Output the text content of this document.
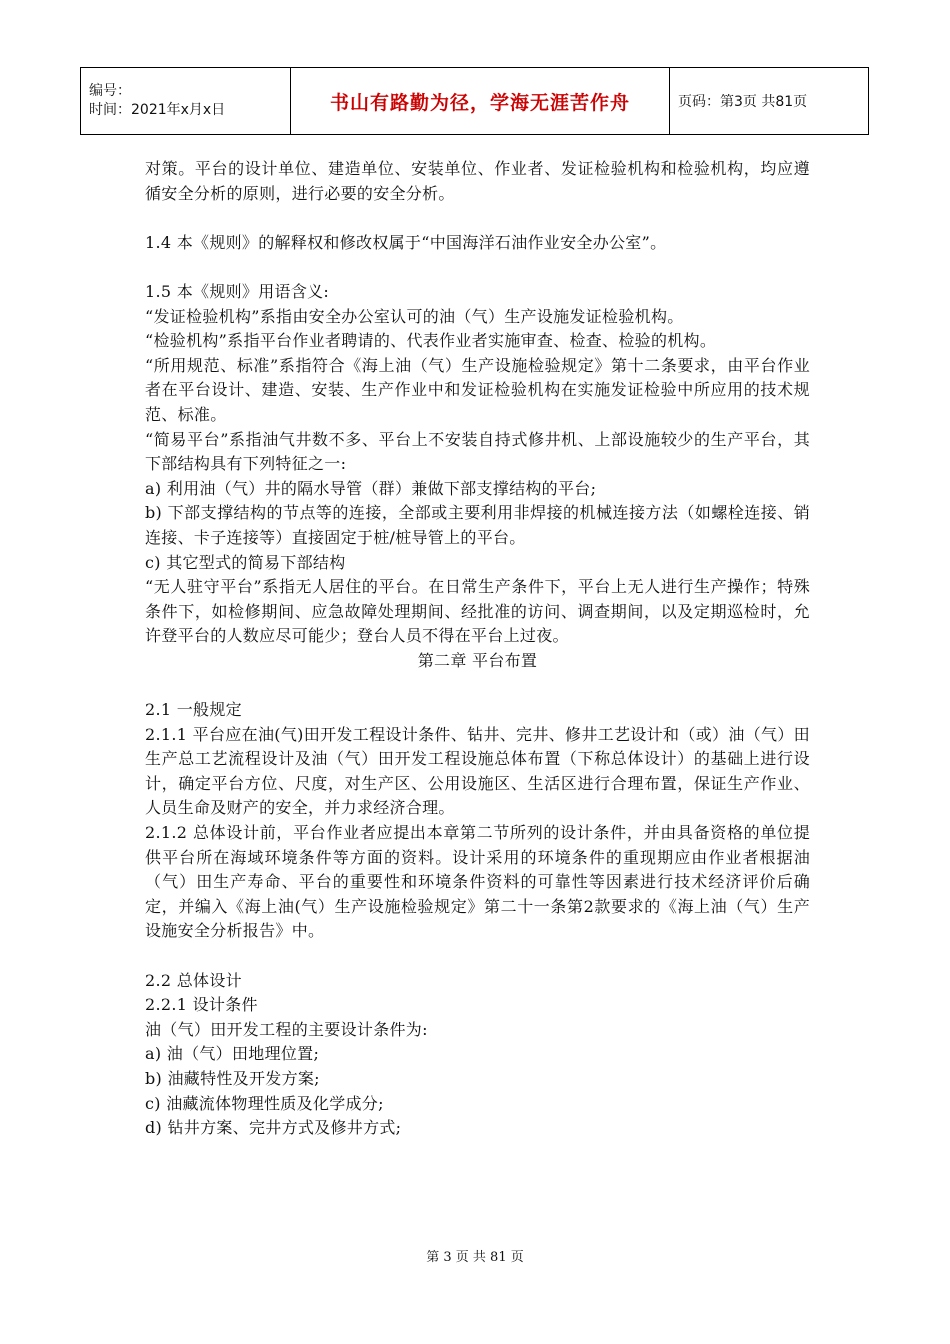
编号：
时间：2021年x月x日	书山有路勤为径，学海无涯苦作舟	页码：第3页 共81页

对策。平台的设计单位、建造单位、安装单位、作业者、发证检验机构和检验机构，均应遵循安全分析的原则，进行必要的安全分析。

1.4 本《规则》的解释权和修改权属于“中国海洋石油作业安全办公室”。

1.5 本《规则》用语含义:

“发证检验机构”系指由安全办公室认可的油（气）生产设施发证检验机构。

“检验机构”系指平台作业者聘请的、代表作业者实施审查、检查、检验的机构。

“所用规范、标准”系指符合《海上油（气）生产设施检验规定》第十二条要求，由平台作业者在平台设计、建造、安装、生产作业中和发证检验机构在实施发证检验中所应用的技术规范、标准。

“简易平台”系指油气井数不多、平台上不安装自持式修井机、上部设施较少的生产平台，其下部结构具有下列特征之一:

a) 利用油（气）井的隔水导管（群）兼做下部支撑结构的平台;

b) 下部支撑结构的节点等的连接，全部或主要利用非焊接的机械连接方法（如螺栓连接、销连接、卡子连接等）直接固定于桩/桩导管上的平台。

c) 其它型式的简易下部结构

“无人驻守平台”系指无人居住的平台。在日常生产条件下，平台上无人进行生产操作；特殊条件下，如检修期间、应急故障处理期间、经批准的访问、调查期间，以及定期巡检时，允许登平台的人数应尽可能少；登台人员不得在平台上过夜。

第二章 平台布置

2.1 一般规定

2.1.1 平台应在油(气)田开发工程设计条件、钻井、完井、修井工艺设计和（或）油（气）田生产总工艺流程设计及油（气）田开发工程设施总体布置（下称总体设计）的基础上进行设计，确定平台方位、尺度，对生产区、公用设施区、生活区进行合理布置，保证生产作业、人员生命及财产的安全，并力求经济合理。

2.1.2 总体设计前，平台作业者应提出本章第二节所列的设计条件，并由具备资格的单位提供平台所在海域环境条件等方面的资料。设计采用的环境条件的重现期应由作业者根据油（气）田生产寿命、平台的重要性和环境条件资料的可靠性等因素进行技术经济评价后确定，并编入《海上油(气）生产设施检验规定》第二十一条第2款要求的《海上油（气）生产设施安全分析报告》中。

2.2 总体设计

2.2.1 设计条件

油（气）田开发工程的主要设计条件为:

a) 油（气）田地理位置;

b) 油藏特性及开发方案;

c) 油藏流体物理性质及化学成分;

d) 钻井方案、完井方式及修井方式;

第 3 页 共 81 页
